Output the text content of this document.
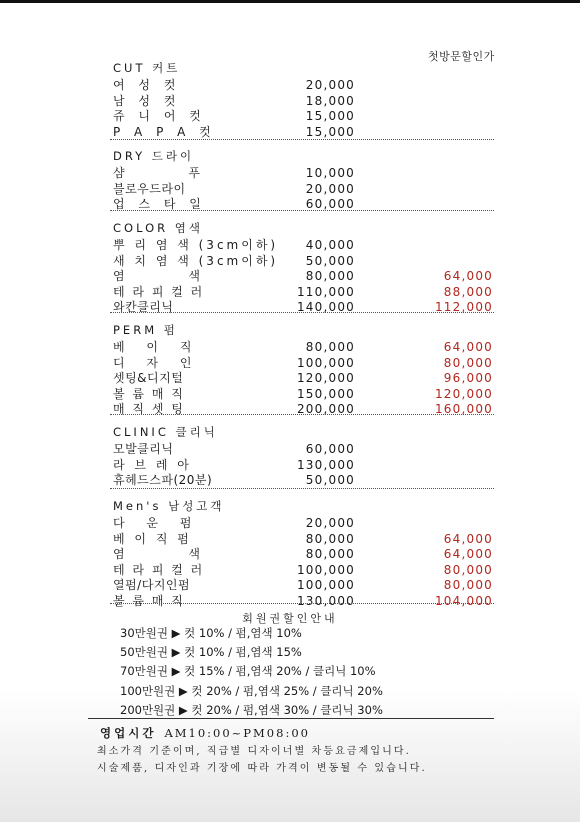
첫방문할인가
CUT 커트
여 성 컷	20,000
남 성 컷	18,000
쥬 니 어 컷	15,000
P A P A 컷	15,000
DRY 드라이
샴 푸	10,000
블로우드라이	20,000
업 스 타 일	60,000
COLOR 염색
뿌 리 염 색 (3cm이하) 40,000
새 치 염 색 (3cm이하) 50,000
염 색	80,000	64,000
테 라 피 컬 러	110,000	88,000
와칸클리닉	140,000	112,000
PERM 펌
베 이 직	80,000	64,000
디 자 인	100,000	80,000
셋팅&디지털	120,000	96,000
볼 륨 매 직	150,000	120,000
매 직 셋 팅	200,000	160,000
CLINIC 클리닉
모발클리닉	60,000
라 브 레 아	130,000
휴헤드스파(20분)	50,000
Men's 남성고객
다 운 펌	20,000
베 이 직 펌	80,000	64,000
염 색	80,000	64,000
테 라 피 컬 러	100,000	80,000
열펌/다지인펌	100,000	80,000
볼 륨 매 직	130,000	104,000
회원권할인안내
30만원권 ▶ 컷 10% / 펌,염색 10%
50만원권 ▶ 컷 10% / 펌,염색 15%
70만원권 ▶ 컷 15% / 펌,염색 20% / 클리닉 10%
100만원권 ▶ 컷 20% / 펌,염색 25% / 클리닉 20%
200만원권 ▶ 컷 20% / 펌,염색 30% / 클리닉 30%
영업시간 AM10:00~PM08:00
최소가격 기준이며, 직급별 디자이너별 차등요금제입니다.
시술제품, 디자인과 기장에 따라 가격이 변동될 수 있습니다.
